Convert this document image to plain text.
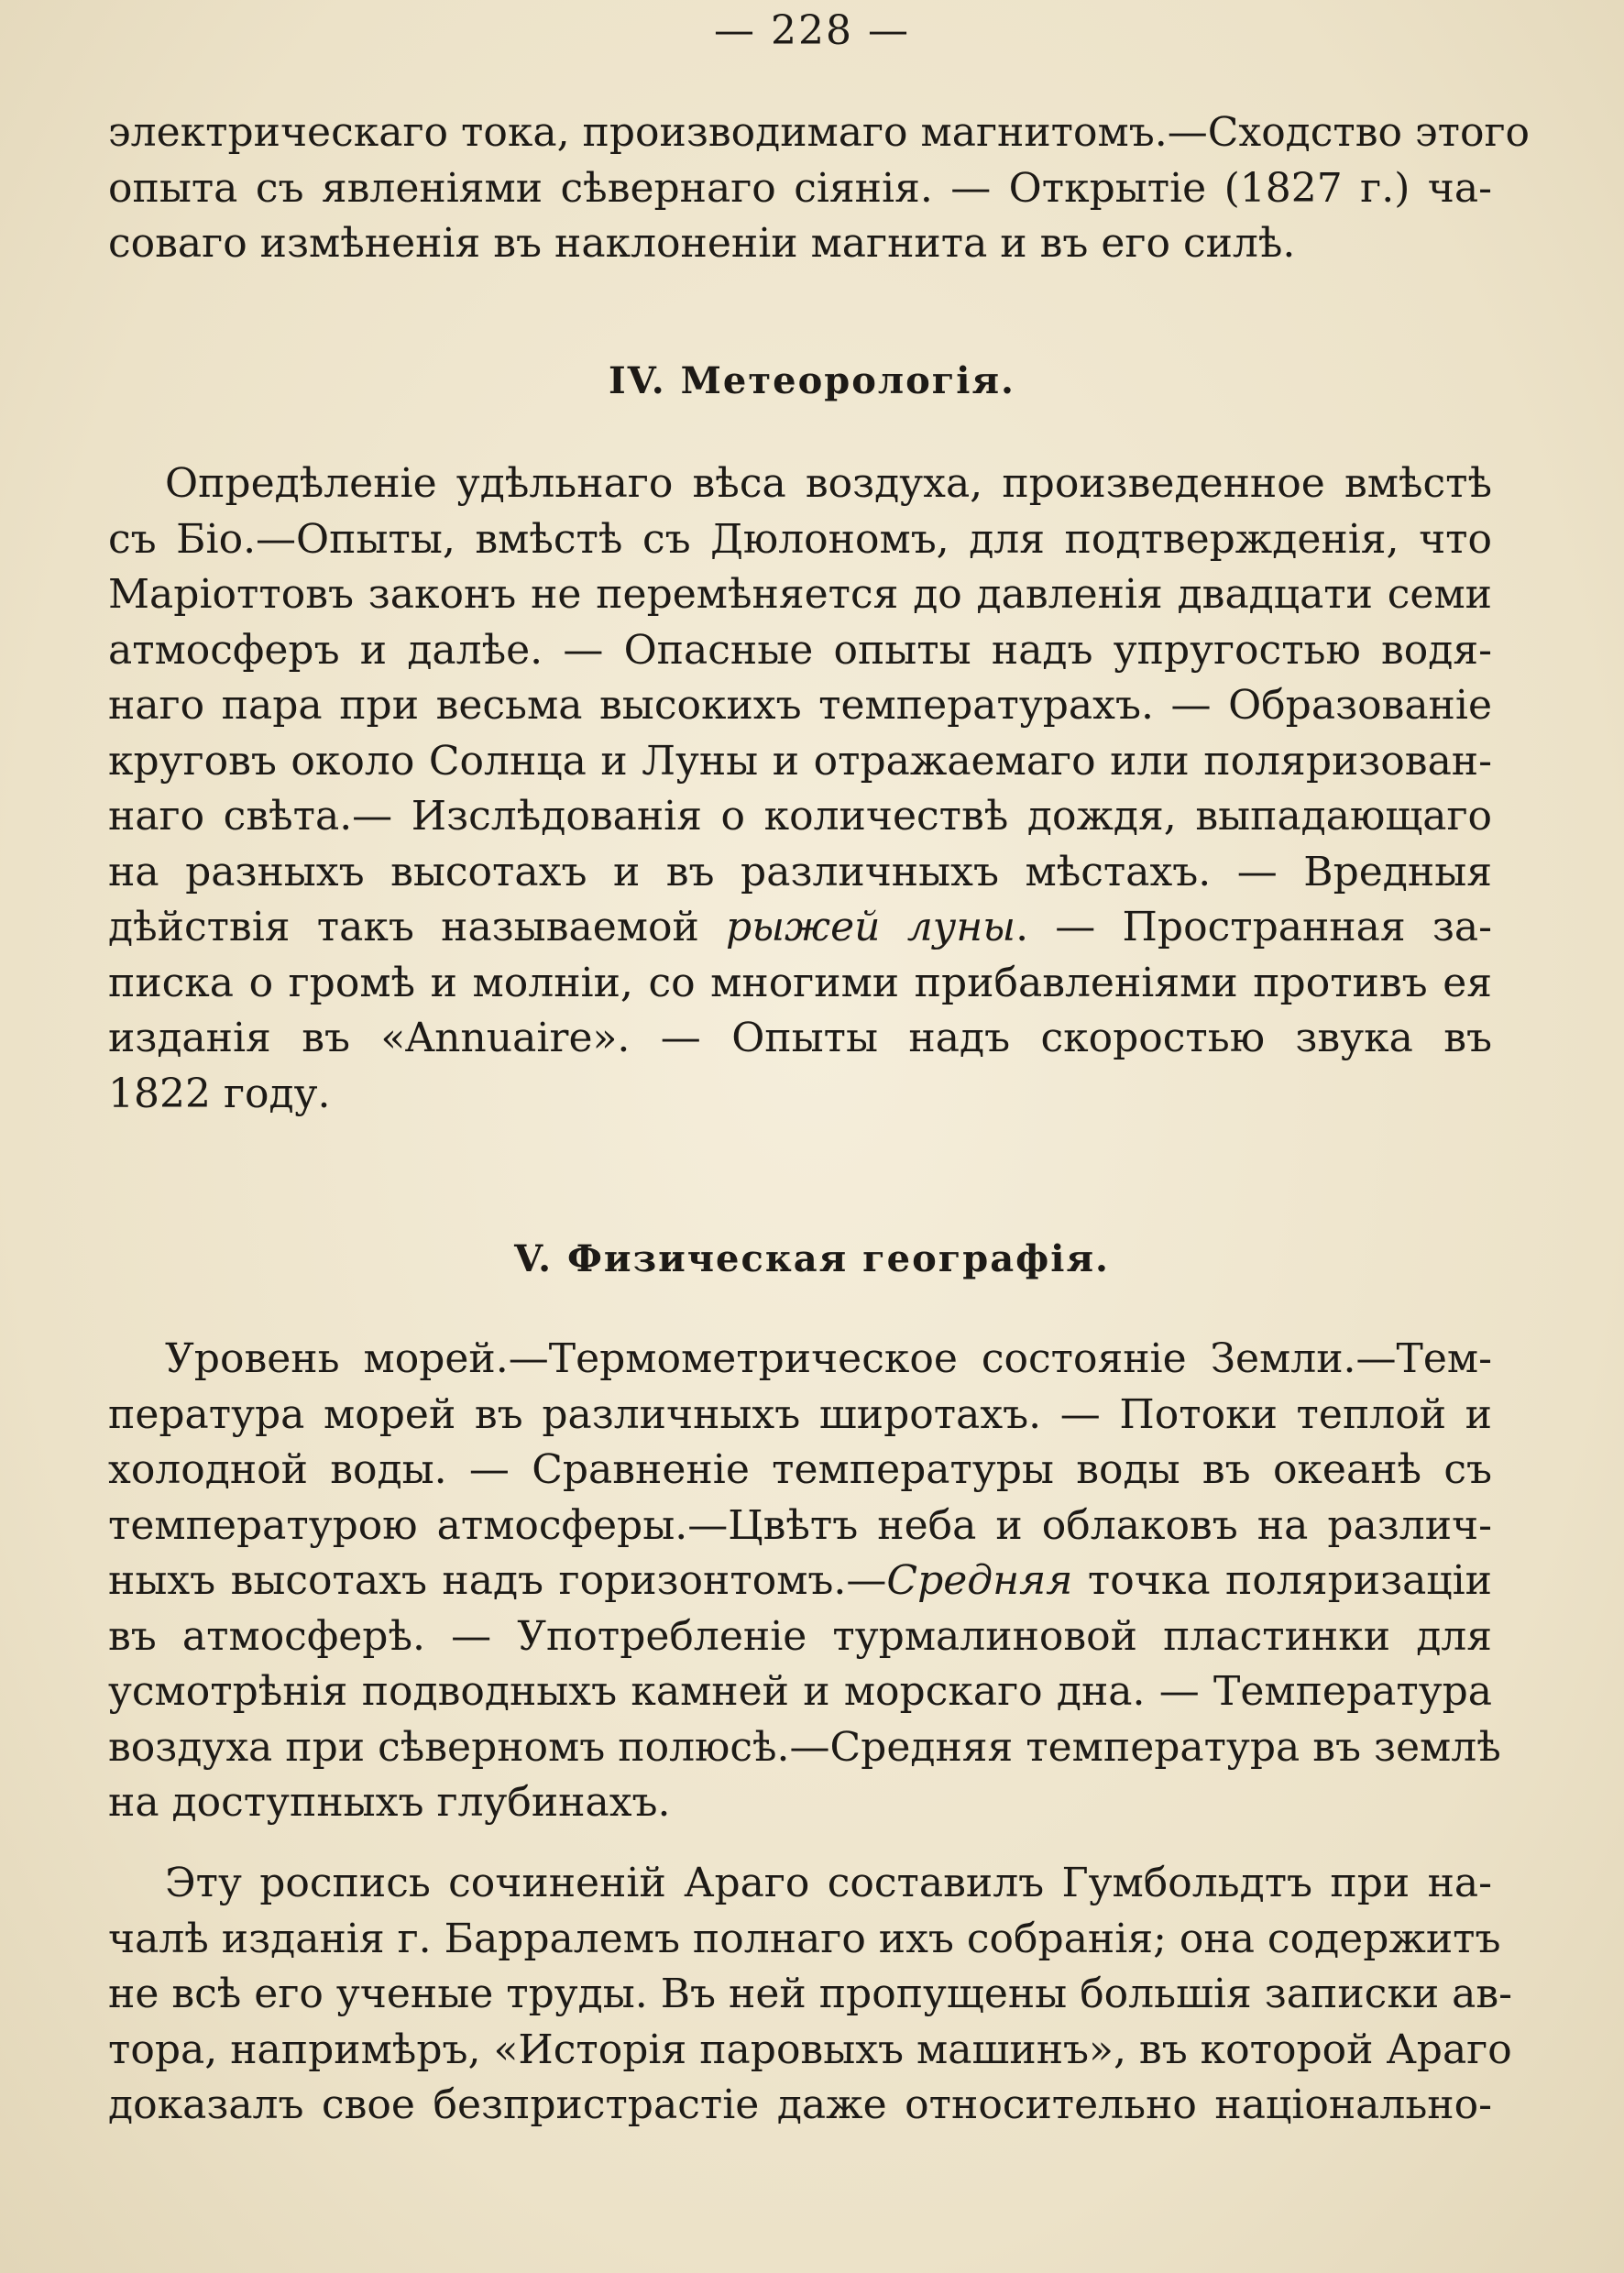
— 228 —
электрическаго тока, производимаго магнитомъ.—Сходство этого
опыта съ явленіями сѣвернаго сіянія. — Открытіе (1827 г.) ча-
соваго измѣненія въ наклоненіи магнита и въ его силѣ.
IV. Метеорологія.
Опредѣленіе удѣльнаго вѣса воздуха, произведенное вмѣстѣ
съ Біо.—Опыты, вмѣстѣ съ Дюлономъ, для подтвержденія, что
Маріоттовъ законъ не перемѣняется до давленія двадцати семи
атмосферъ и далѣе. — Опасные опыты надъ упругостью водя-
наго пара при весьма высокихъ температурахъ. — Образованіе
круговъ около Солнца и Луны и отражаемаго или поляризован-
наго свѣта.— Изслѣдованія о количествѣ дождя, выпадающаго
на разныхъ высотахъ и въ различныхъ мѣстахъ. — Вредныя
дѣйствія такъ называемой рыжей луны. — Пространная за-
писка о громѣ и молніи, со многими прибавленіями противъ ея
изданія въ «Annuaire». — Опыты надъ скоростью звука въ
1822 году.
V. Физическая географія.
Уровень морей.—Термометрическое состояніе Земли.—Тем-
пература морей въ различныхъ широтахъ. — Потоки теплой и
холодной воды. — Сравненіе температуры воды въ океанѣ съ
температурою атмосферы.—Цвѣтъ неба и облаковъ на различ-
ныхъ высотахъ надъ горизонтомъ.—Средняя точка поляризаціи
въ атмосферѣ. — Употребленіе турмалиновой пластинки для
усмотрѣнія подводныхъ камней и морскаго дна. — Температура
воздуха при сѣверномъ полюсѣ.—Средняя температура въ землѣ
на доступныхъ глубинахъ.
Эту роспись сочиненій Араго составилъ Гумбольдтъ при на-
чалѣ изданія г. Барралемъ полнаго ихъ собранія; она содержитъ
не всѣ его ученые труды. Въ ней пропущены большія записки ав-
тора, напримѣръ, «Исторія паровыхъ машинъ», въ которой Араго
доказалъ свое безпристрастіе даже относительно національно-
